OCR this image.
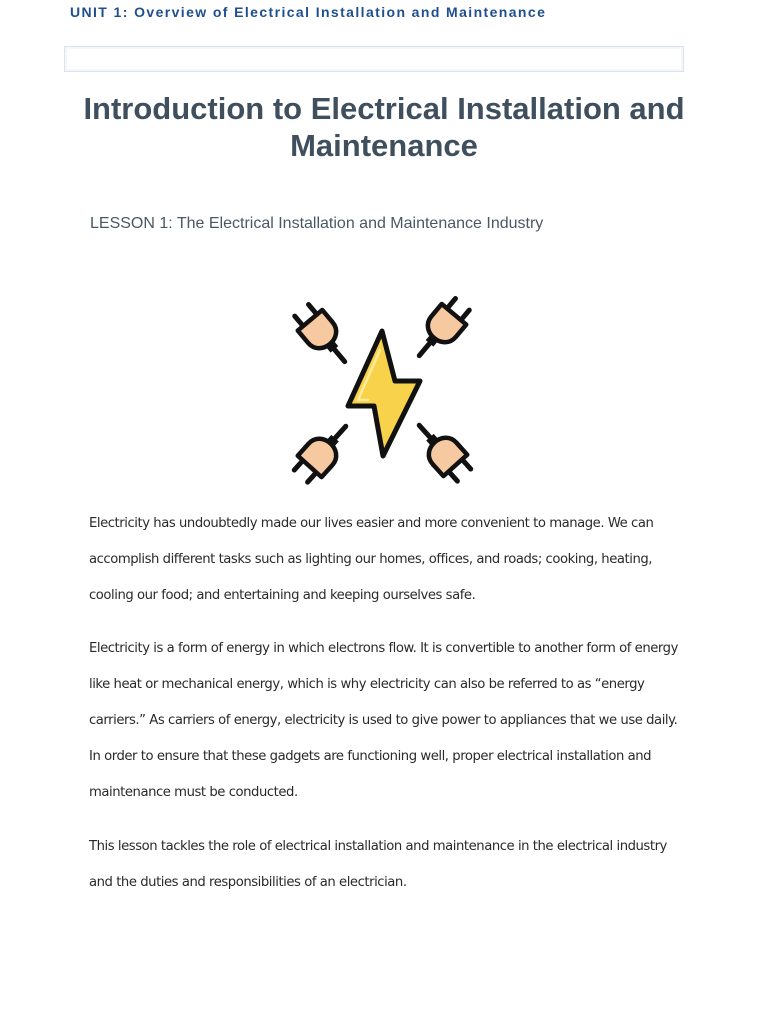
UNIT 1: Overview of Electrical Installation and Maintenance
Introduction to Electrical Installation and Maintenance
LESSON 1: The Electrical Installation and Maintenance Industry

Electricity has undoubtedly made our lives easier and more convenient to manage. We can accomplish different tasks such as lighting our homes, offices, and roads; cooking, heating, cooling our food; and entertaining and keeping ourselves safe.

Electricity is a form of energy in which electrons flow. It is convertible to another form of energy like heat or mechanical energy, which is why electricity can also be referred to as “energy carriers.” As carriers of energy, electricity is used to give power to appliances that we use daily. In order to ensure that these gadgets are functioning well, proper electrical installation and maintenance must be conducted.

This lesson tackles the role of electrical installation and maintenance in the electrical industry and the duties and responsibilities of an electrician.
